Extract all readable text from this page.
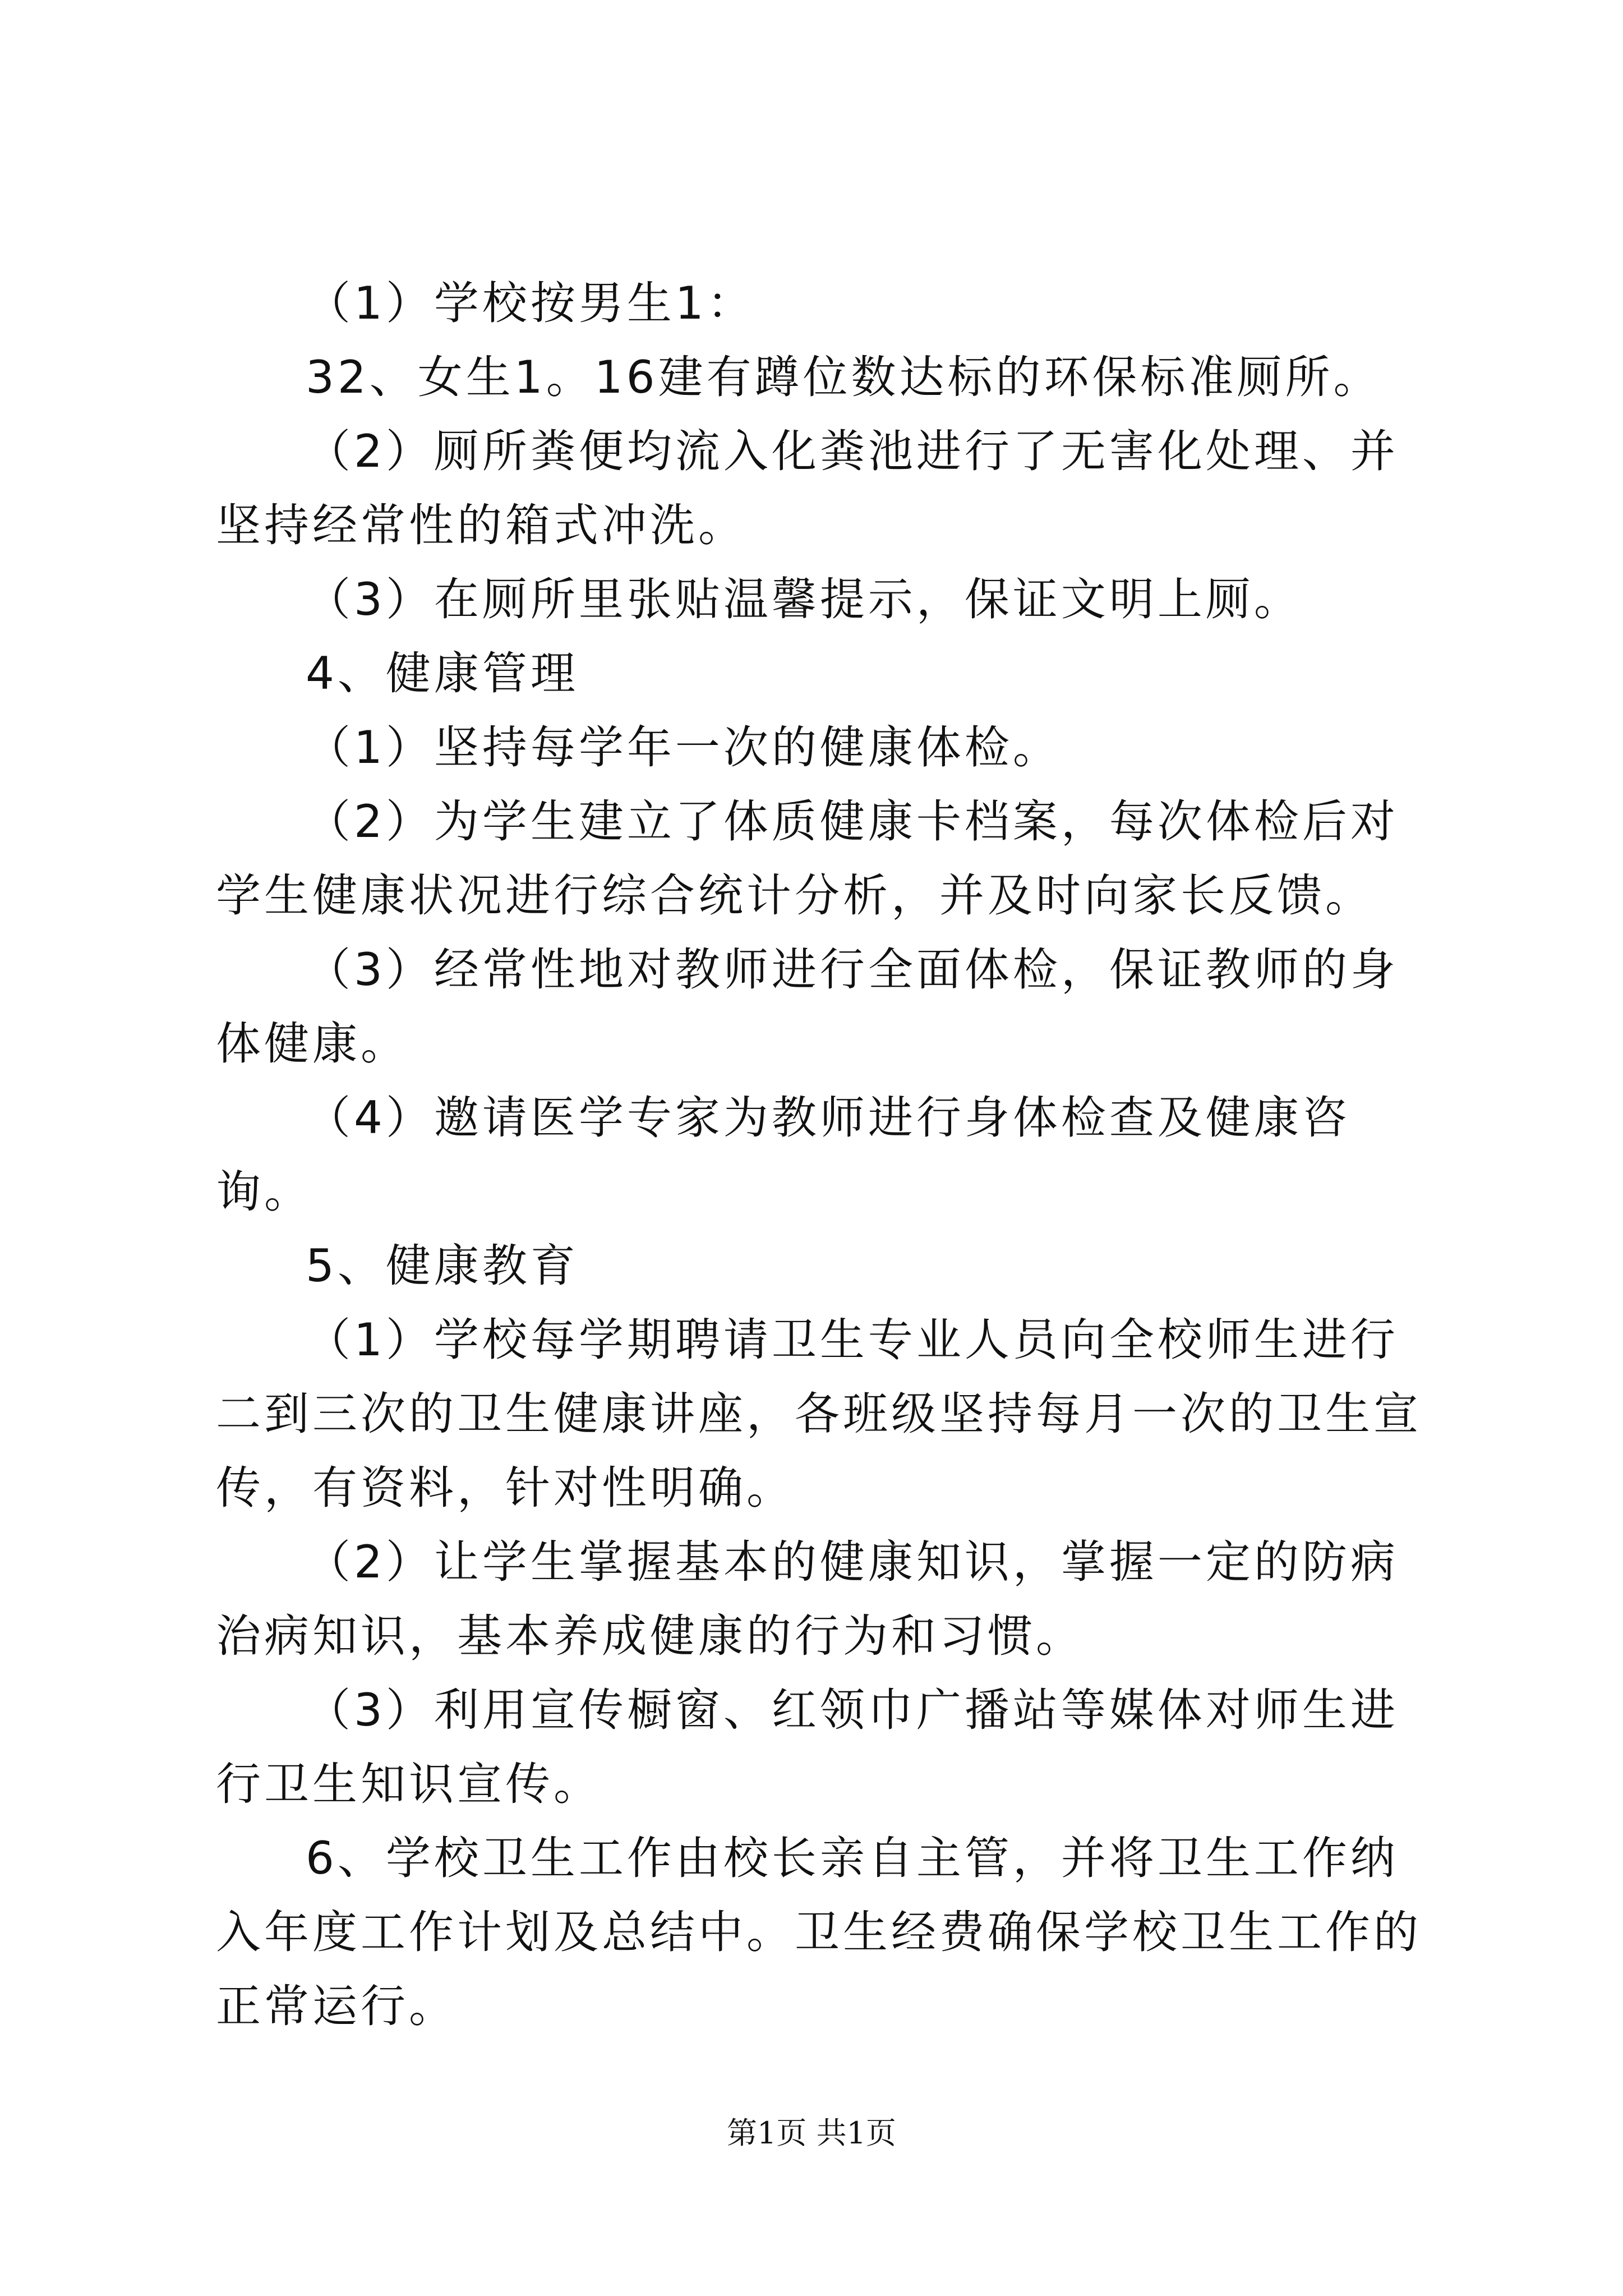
（1）学校按男生1：

32、女生1。16建有蹲位数达标的环保标准厕所。

（2）厕所粪便均流入化粪池进行了无害化处理、并坚持经常性的箱式冲洗。

（3）在厕所里张贴温馨提示，保证文明上厕。

4、健康管理

（1）坚持每学年一次的健康体检。

（2）为学生建立了体质健康卡档案，每次体检后对学生健康状况进行综合统计分析，并及时向家长反馈。

（3）经常性地对教师进行全面体检，保证教师的身体健康。

（4）邀请医学专家为教师进行身体检查及健康咨询。

5、健康教育

（1）学校每学期聘请卫生专业人员向全校师生进行二到三次的卫生健康讲座，各班级坚持每月一次的卫生宣传，有资料，针对性明确。

（2）让学生掌握基本的健康知识，掌握一定的防病治病知识，基本养成健康的行为和习惯。

（3）利用宣传橱窗、红领巾广播站等媒体对师生进行卫生知识宣传。

6、学校卫生工作由校长亲自主管，并将卫生工作纳入年度工作计划及总结中。卫生经费确保学校卫生工作的正常运行。

第1页 共1页
